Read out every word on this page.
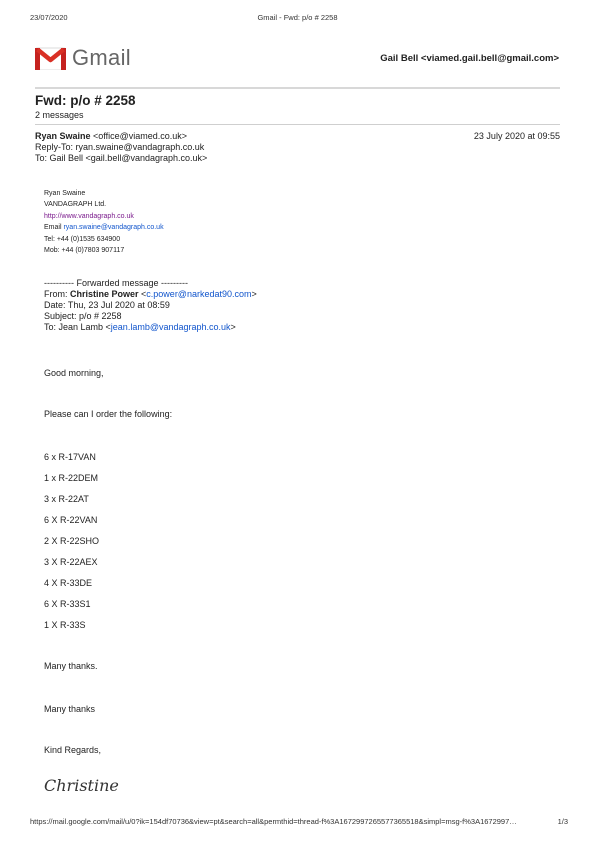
23/07/2020	Gmail - Fwd: p/o # 2258
Gmail	Gail Bell <viamed.gail.bell@gmail.com>
Fwd: p/o # 2258
2 messages
Ryan Swaine <office@viamed.co.uk>	23 July 2020 at 09:55
Reply-To: ryan.swaine@vandagraph.co.uk
To: Gail Bell <gail.bell@vandagraph.co.uk>
Ryan Swaine
VANDAGRAPH Ltd.
http://www.vandagraph.co.uk
Email ryan.swaine@vandagraph.co.uk
Tel: +44 (0)1535 634900
Mob: +44 (0)7803 907117
---------- Forwarded message ---------
From: Christine Power <c.power@narkedat90.com>
Date: Thu, 23 Jul 2020 at 08:59
Subject: p/o # 2258
To: Jean Lamb <jean.lamb@vandagraph.co.uk>
Good morning,
Please can I order the following:
6 x R-17VAN
1 x R-22DEM
3 x R-22AT
6 X R-22VAN
2 X R-22SHO
3 X R-22AEX
4 X R-33DE
6 X R-33S1
1 X R-33S
Many thanks.
Many thanks
Kind Regards,
Christine
https://mail.google.com/mail/u/0?ik=154df70736&view=pt&search=all&permthid=thread-f%3A1672997265577365518&simpl=msg-f%3A1672997…	1/3
